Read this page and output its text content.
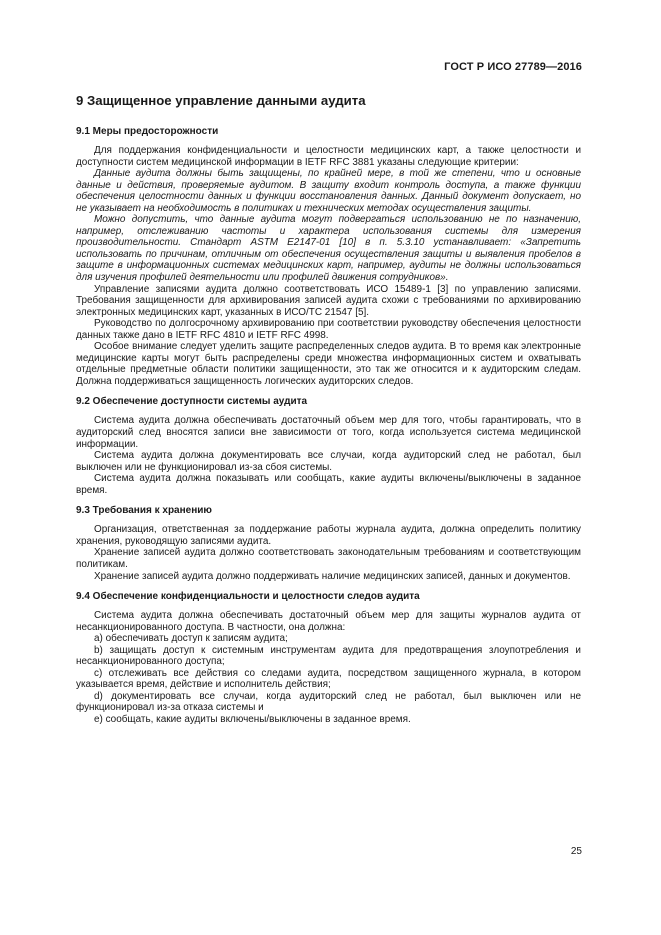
ГОСТ Р ИСО 27789—2016
9 Защищенное управление данными аудита
9.1 Меры предосторожности

Для поддержания конфиденциальности и целостности медицинских карт, а также целостности и доступности систем медицинской информации в IETF RFC 3881 указаны следующие критерии:

Данные аудита должны быть защищены, по крайней мере, в той же степени, что и основные данные и действия, проверяемые аудитом. В защиту входит контроль доступа, а также функции обеспечения целостности данных и функции восстановления данных. Данный документ допускает, но не указывает на необходимость в политиках и технических методах осуществления защиты.

Можно допустить, что данные аудита могут подвергаться использованию не по назначению, например, отслеживанию частоты и характера использования системы для измерения производительности. Стандарт ASTM E2147-01 [10] в п. 5.3.10 устанавливает: «Запретить использовать по причинам, отличным от обеспечения осуществления защиты и выявления пробелов в защите в информационных системах медицинских карт, например, аудиты не должны использоваться для изучения профилей деятельности или профилей движения сотрудников».

Управление записями аудита должно соответствовать ИСО 15489-1 [3] по управлению записями. Требования защищенности для архивирования записей аудита схожи с требованиями по архивированию электронных медицинских карт, указанных в ИСО/ТС 21547 [5].

Руководство по долгосрочному архивированию при соответствии руководству обеспечения целостности данных также дано в IETF RFC 4810 и IETF RFC 4998.

Особое внимание следует уделить защите распределенных следов аудита. В то время как электронные медицинские карты могут быть распределены среди множества информационных систем и охватывать отдельные предметные области политики защищенности, это так же относится и к аудиторским следам. Должна поддерживаться защищенность логических аудиторских следов.

9.2 Обеспечение доступности системы аудита

Система аудита должна обеспечивать достаточный объем мер для того, чтобы гарантировать, что в аудиторский след вносятся записи вне зависимости от того, когда используется система медицинской информации.

Система аудита должна документировать все случаи, когда аудиторский след не работал, был выключен или не функционировал из-за сбоя системы.

Система аудита должна показывать или сообщать, какие аудиты включены/выключены в заданное время.

9.3 Требования к хранению

Организация, ответственная за поддержание работы журнала аудита, должна определить политику хранения, руководящую записями аудита.

Хранение записей аудита должно соответствовать законодательным требованиям и соответствующим политикам.

Хранение записей аудита должно поддерживать наличие медицинских записей, данных и документов.

9.4 Обеспечение конфиденциальности и целостности следов аудита

Система аудита должна обеспечивать достаточный объем мер для защиты журналов аудита от несанкционированного доступа. В частности, она должна:

а) обеспечивать доступ к записям аудита;

b) защищать доступ к системным инструментам аудита для предотвращения злоупотребления и несанкционированного доступа;

с) отслеживать все действия со следами аудита, посредством защищенного журнала, в котором указывается время, действие и исполнитель действия;

d) документировать все случаи, когда аудиторский след не работал, был выключен или не функционировал из-за отказа системы и

е) сообщать, какие аудиты включены/выключены в заданное время.

25
